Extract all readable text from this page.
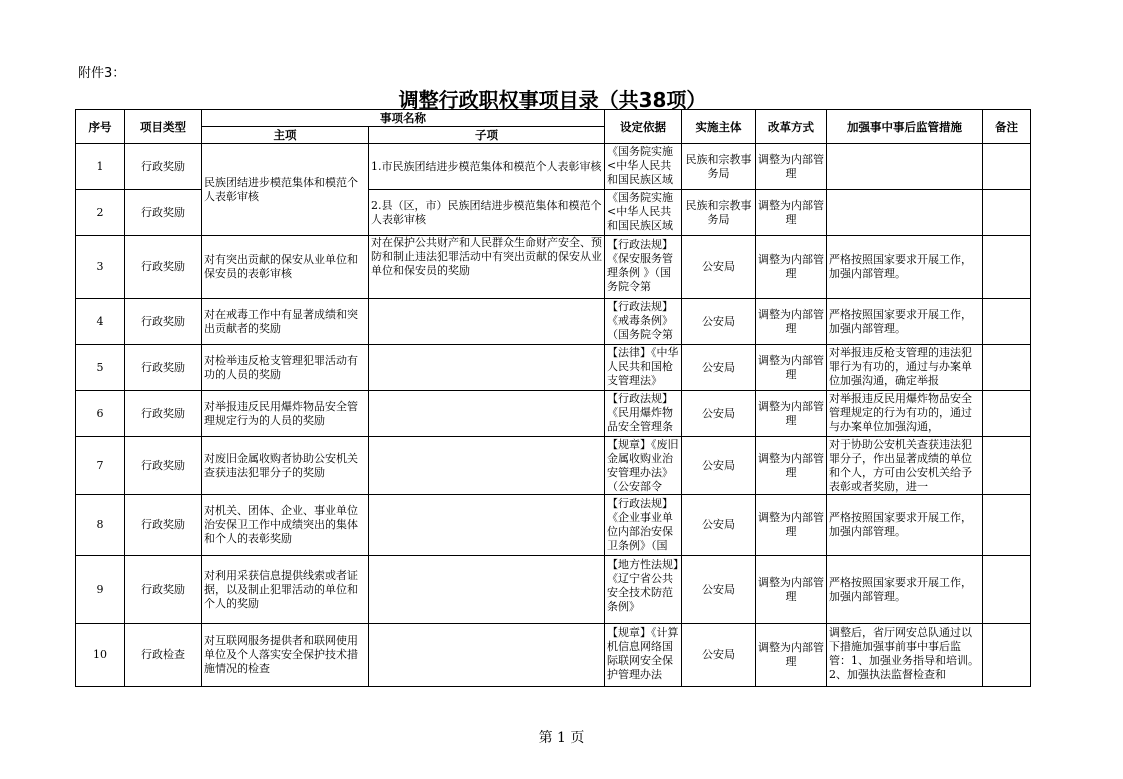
附件3：
调整行政职权事项目录（共38项）
序号	项目类型	事项名称		设定依据	实施主体	改革方式	加强事中事后监管措施	备注
		主项	子项					
1	行政奖励	民族团结进步模范集体和模范个人表彰审核	1.市民族团结进步模范集体和模范个人表彰审核	《国务院实施<中华人民共和国民族区域	民族和宗教事务局	调整为内部管理		
2	行政奖励		2.县（区，市）民族团结进步模范集体和模范个人表彰审核	《国务院实施<中华人民共和国民族区域	民族和宗教事务局	调整为内部管理		
3	行政奖励	对有突出贡献的保安从业单位和保安员的表彰审核	对在保护公共财产和人民群众生命财产安全、预防和制止违法犯罪活动中有突出贡献的保安从业单位和保安员的奖励	【行政法规】《保安服务管理条例 》（国务院令第	公安局	调整为内部管理	严格按照国家要求开展工作，加强内部管理。	
4	行政奖励	对在戒毒工作中有显著成绩和突出贡献者的奖励		【行政法规】《戒毒条例》（国务院令第	公安局	调整为内部管理	严格按照国家要求开展工作，加强内部管理。	
5	行政奖励	对检举违反枪支管理犯罪活动有功的人员的奖励		【法律】《中华人民共和国枪支管理法》	公安局	调整为内部管理	对举报违反枪支管理的违法犯罪行为有功的，通过与办案单位加强沟通，确定举报	

6	行政奖励	对举报违反民用爆炸物品安全管理规定行为的人员的奖励		【行政法规】《民用爆炸物品安全管理条	公安局	调整为内部管理	对举报违反民用爆炸物品安全管理规定的行为有功的，通过与办案单位加强沟通，	

7	行政奖励	对废旧金属收购者协助公安机关查获违法犯罪分子的奖励		【规章】《废旧金属收购业治安管理办法》（公安部令	公安局	调整为内部管理	对于协助公安机关查获违法犯罪分子，作出显著成绩的单位和个人，方可由公安机关给予表彰或者奖励，进一	

8	行政奖励	对机关、团体、企业、事业单位治安保卫工作中成绩突出的集体和个人的表彰奖励		【行政法规】《企业事业单位内部治安保卫条例》（国	公安局	调整为内部管理	严格按照国家要求开展工作，加强内部管理。	
9	行政奖励	对利用采获信息提供线索或者证据，以及制止犯罪活动的单位和个人的奖励		【地方性法规】《辽宁省公共安全技术防范条例》	公安局	调整为内部管理	严格按照国家要求开展工作，加强内部管理。	
10	行政检查	对互联网服务提供者和联网使用单位及个人落实安全保护技术措施情况的检查		【规章】《计算机信息网络国际联网安全保护管理办法	公安局	调整为内部管理	调整后，省厅网安总队通过以下措施加强事前事中事后监管：1、加强业务指导和培训。2、加强执法监督检查和	

第 1 页
